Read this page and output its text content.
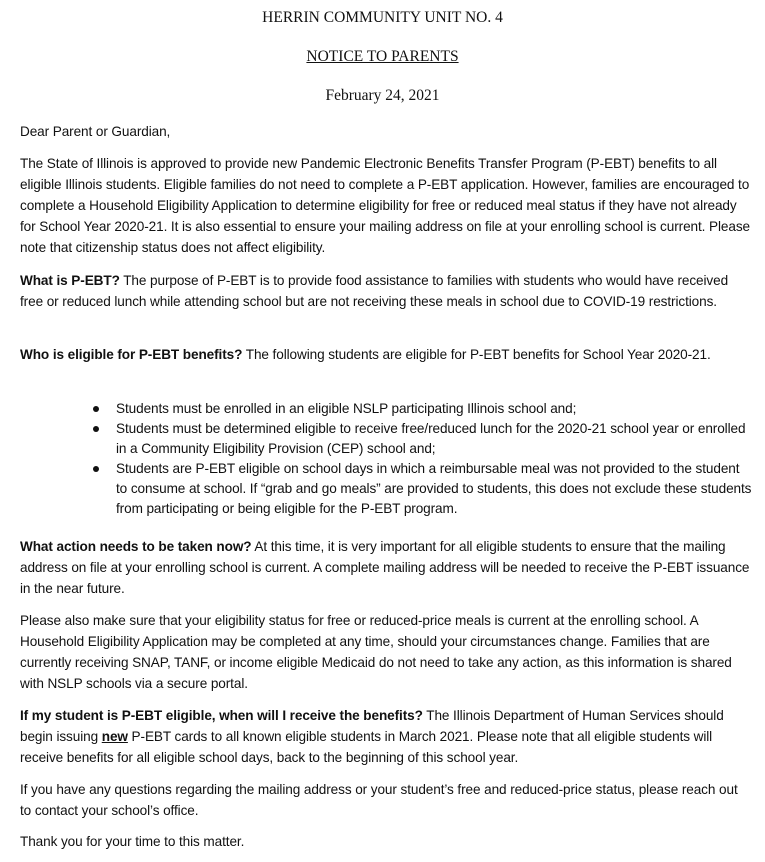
HERRIN COMMUNITY UNIT NO. 4

NOTICE TO PARENTS

February 24, 2021

Dear Parent or Guardian,

The State of Illinois is approved to provide new Pandemic Electronic Benefits Transfer Program (P-EBT) benefits to all eligible Illinois students. Eligible families do not need to complete a P-EBT application. However, families are encouraged to complete a Household Eligibility Application to determine eligibility for free or reduced meal status if they have not already for School Year 2020-21. It is also essential to ensure your mailing address on file at your enrolling school is current. Please note that citizenship status does not affect eligibility.

What is P-EBT? The purpose of P-EBT is to provide food assistance to families with students who would have received free or reduced lunch while attending school but are not receiving these meals in school due to COVID-19 restrictions.

Who is eligible for P-EBT benefits? The following students are eligible for P-EBT benefits for School Year 2020-21.

Students must be enrolled in an eligible NSLP participating Illinois school and;
Students must be determined eligible to receive free/reduced lunch for the 2020-21 school year or enrolled in a Community Eligibility Provision (CEP) school and;
Students are P-EBT eligible on school days in which a reimbursable meal was not provided to the student to consume at school. If “grab and go meals” are provided to students, this does not exclude these students from participating or being eligible for the P-EBT program.

What action needs to be taken now? At this time, it is very important for all eligible students to ensure that the mailing address on file at your enrolling school is current. A complete mailing address will be needed to receive the P-EBT issuance in the near future.

Please also make sure that your eligibility status for free or reduced-price meals is current at the enrolling school. A Household Eligibility Application may be completed at any time, should your circumstances change. Families that are currently receiving SNAP, TANF, or income eligible Medicaid do not need to take any action, as this information is shared with NSLP schools via a secure portal.

If my student is P-EBT eligible, when will I receive the benefits? The Illinois Department of Human Services should begin issuing new P-EBT cards to all known eligible students in March 2021. Please note that all eligible students will receive benefits for all eligible school days, back to the beginning of this school year.

If you have any questions regarding the mailing address or your student’s free and reduced-price status, please reach out to contact your school’s office.

Thank you for your time to this matter.
